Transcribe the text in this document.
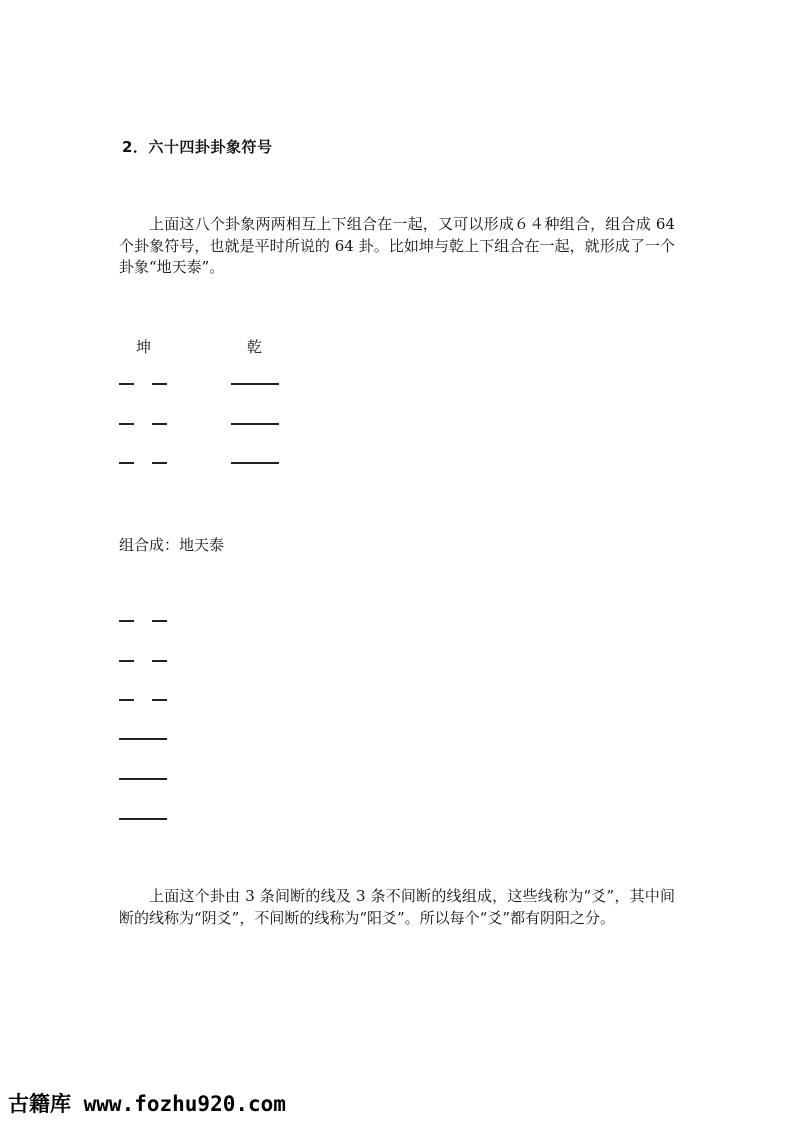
2．六十四卦卦象符号

上面这八个卦象两两相互上下组合在一起，又可以形成６４种组合，组合成 64 个卦象符号，也就是平时所说的 64 卦。比如坤与乾上下组合在一起，就形成了一个卦象“地天泰”。

坤	乾
组合成：地天泰

上面这个卦由 3 条间断的线及 3 条不间断的线组成，这些线称为“爻”，其中间断的线称为“阴爻”，不间断的线称为“阳爻”。所以每个“爻”都有阴阳之分。

古籍库 www.fozhu920.com
